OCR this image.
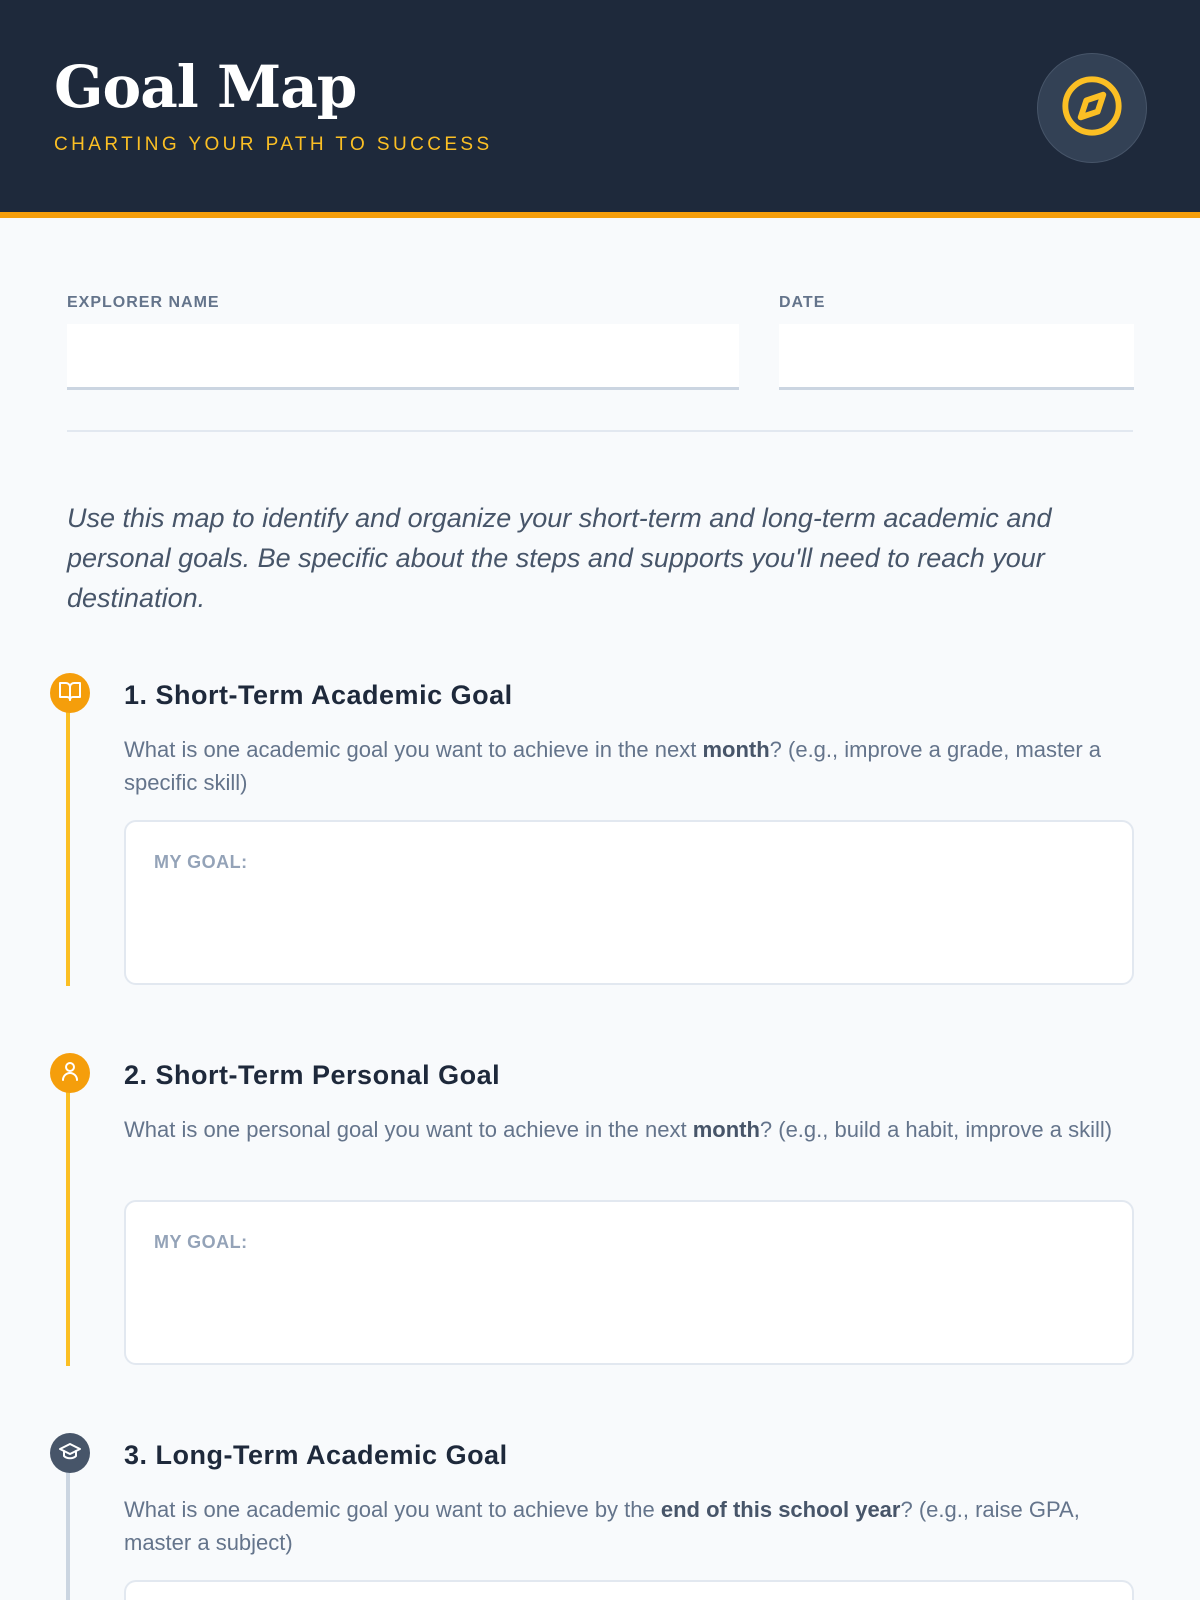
Goal Map
CHARTING YOUR PATH TO SUCCESS
EXPLORER NAME	DATE
Use this map to identify and organize your short-term and long-term academic and personal goals. Be specific about the steps and supports you'll need to reach your destination.
1. Short-Term Academic Goal
What is one academic goal you want to achieve in the next month? (e.g., improve a grade, master a specific skill)
MY GOAL:
2. Short-Term Personal Goal
What is one personal goal you want to achieve in the next month? (e.g., build a habit, improve a skill)
MY GOAL:
3. Long-Term Academic Goal
What is one academic goal you want to achieve by the end of this school year? (e.g., raise GPA, master a subject)
